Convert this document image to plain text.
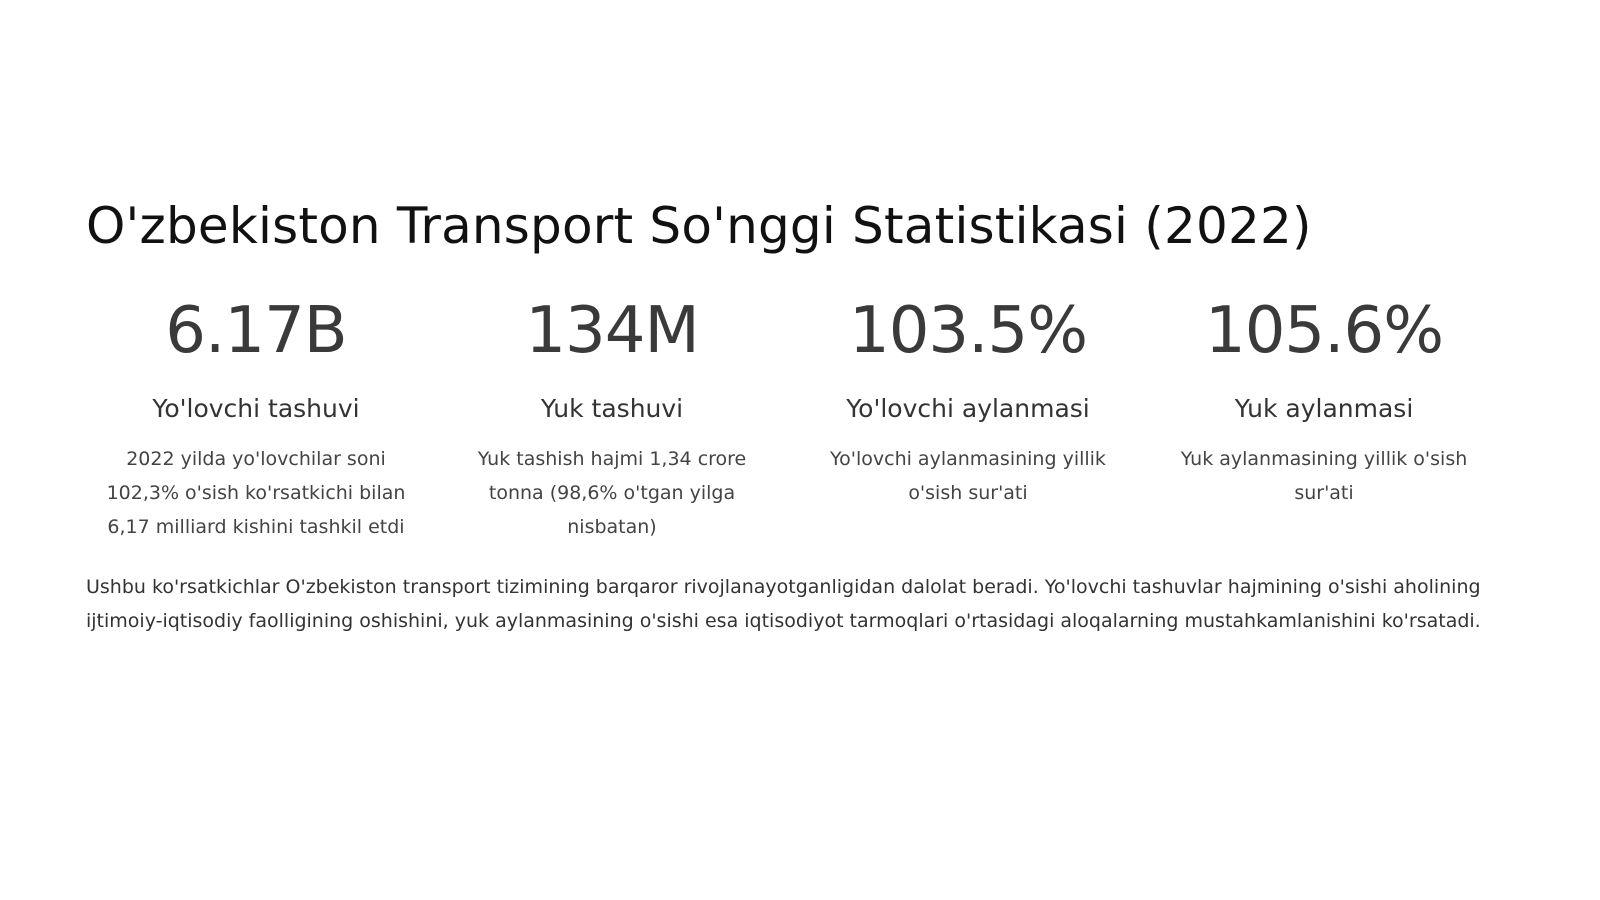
O'zbekiston Transport So'nggi Statistikasi (2022)
6.17B
Yo'lovchi tashuvi
2022 yilda yo'lovchilar soni 102,3% o'sish ko'rsatkichi bilan 6,17 milliard kishini tashkil etdi
134M
Yuk tashuvi
Yuk tashish hajmi 1,34 crore tonna (98,6% o'tgan yilga nisbatan)
103.5%
Yo'lovchi aylanmasi
Yo'lovchi aylanmasining yillik o'sish sur'ati
105.6%
Yuk aylanmasi
Yuk aylanmasining yillik o'sish sur'ati

Ushbu ko'rsatkichlar O'zbekiston transport tizimining barqaror rivojlanayotganligidan dalolat beradi. Yo'lovchi tashuvlar hajmining o'sishi aholining ijtimoiy-iqtisodiy faolligining oshishini, yuk aylanmasining o'sishi esa iqtisodiyot tarmoqlari o'rtasidagi aloqalarning mustahkamlanishini ko'rsatadi.
